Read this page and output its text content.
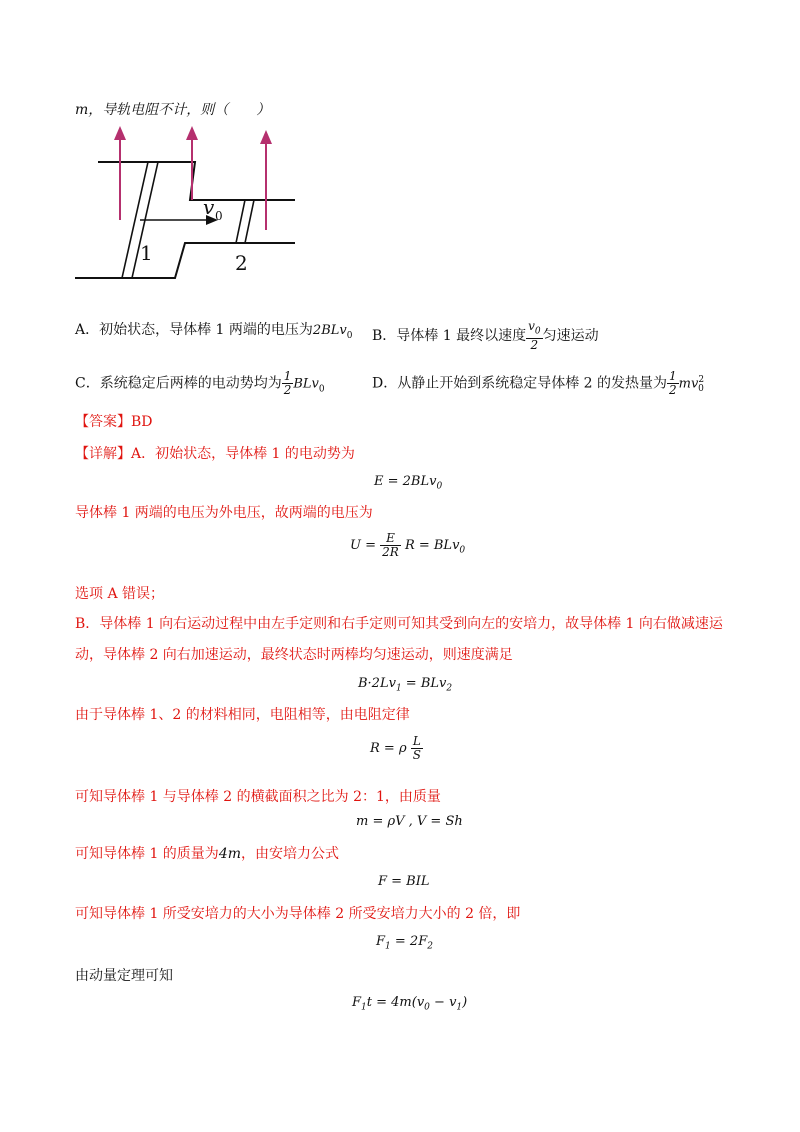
m，导轨电阻不计，则（　　）
v 0
1	2
A．初始状态，导体棒 1 两端的电压为2BLv$_0$ B．导体棒 1 最终以速度 $\frac{v_0}{2}$ 匀速运动
C．系统稳定后两棒的电动势均为 $\frac{1}{2} BLv_0$	D．从静止开始到系统稳定导体棒 2 的发热量为 $\frac{1}{2} mv^2_0$
【答案】BD
【详解】A．初始状态，导体棒 1 的电动势为
E = 2BLv$_0$
导体棒 1 两端的电压为外电压，故两端的电压为
$U = \frac{E}{2R}$ R = BLv$_0$
选项 A 错误；
B．导体棒 1 向右运动过程中由左手定则和右手定则可知其受到向左的安培力，故导体棒 1 向右做减速运
动，导体棒 2 向右加速运动，最终状态时两棒均匀速运动，则速度满足
$B\cdot 2Lv_1 = BLv_2$
由于导体棒 1、2 的材料相同，电阻相等，由电阻定律
R = ρ $\frac{L}{S}$
可知导体棒 1 与导体棒 2 的横截面积之比为 2：1，由质量
m = ρV , V = Sh
可知导体棒 1 的质量为4m，由安培力公式
F = BIL
可知导体棒 1 所受安培力的大小为导体棒 2 所受安培力大小的 2 倍，即
$F_1 = 2F_2$
由动量定理可知
$F_1t = 4m(v_0 - v_1)$
